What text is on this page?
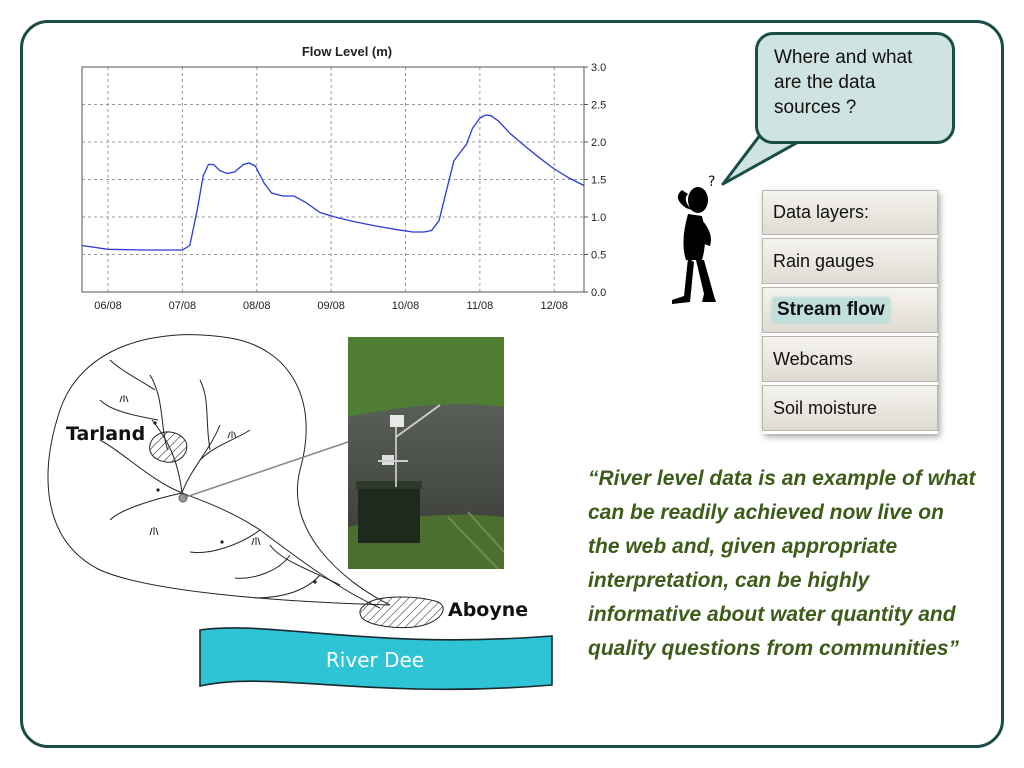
Flow Level (m)
3.0
2.5
2.0
1.5
1.0
0.5
0.0
06/08	07/08	08/08	09/08	10/08	11/08	12/08
Where and what are the data sources ?
?
Data layers:
Rain gauges
Stream flow
Webcams
Soil moisture
River Dee
Tarland
Aboyne
“River level data is an example of what can be readily achieved now live on the web and, given appropriate interpretation, can be highly informative about water quantity and quality questions from communities”
